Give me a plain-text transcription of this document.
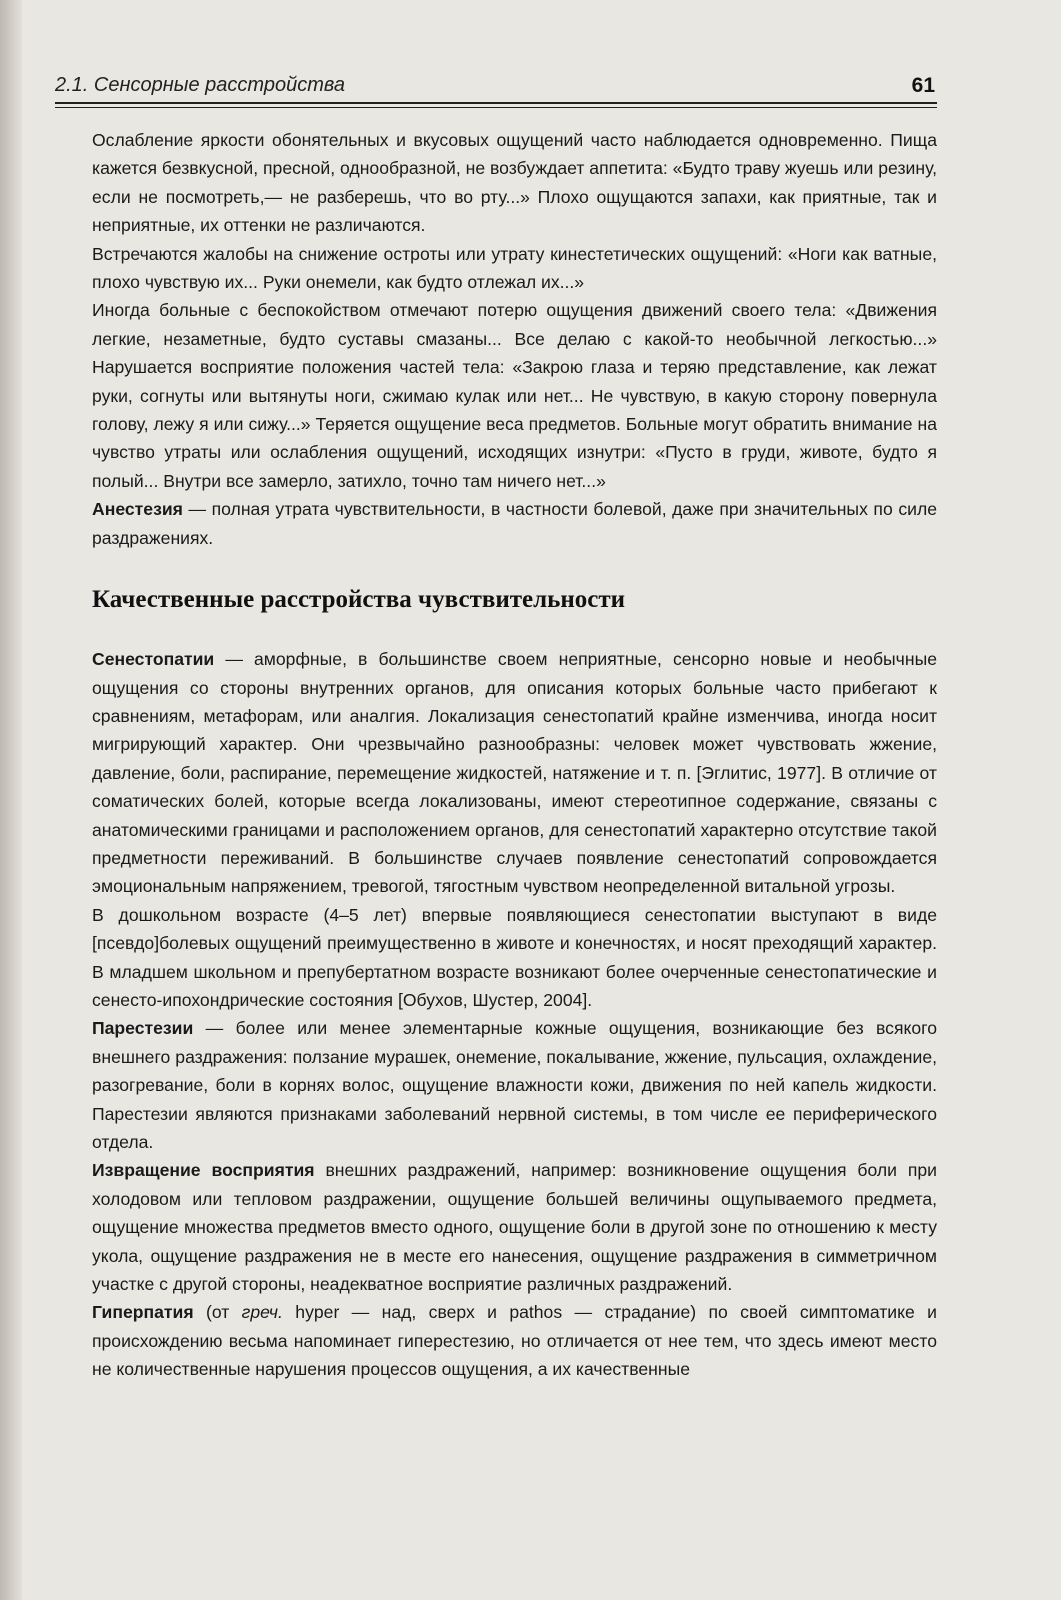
2.1. Сенсорные расстройства	61

Ослабление яркости обонятельных и вкусовых ощущений часто наблюдается одновременно. Пища кажется безвкусной, пресной, однообразной, не возбуждает аппетита: «Будто траву жуешь или резину, если не посмотреть,— не разберешь, что во рту...» Плохо ощущаются запахи, как приятные, так и неприятные, их оттенки не различаются.

Встречаются жалобы на снижение остроты или утрату кинестетических ощущений: «Ноги как ватные, плохо чувствую их... Руки онемели, как будто отлежал их...»

Иногда больные с беспокойством отмечают потерю ощущения движений своего тела: «Движения легкие, незаметные, будто суставы смазаны... Все делаю с какой-то необычной легкостью...» Нарушается восприятие положения частей тела: «Закрою глаза и теряю представление, как лежат руки, согнуты или вытянуты ноги, сжимаю кулак или нет... Не чувствую, в какую сторону повернула голову, лежу я или сижу...» Теряется ощущение веса предметов. Больные могут обратить внимание на чувство утраты или ослабления ощущений, исходящих изнутри: «Пусто в груди, животе, будто я полый... Внутри все замерло, затихло, точно там ничего нет...»

Анестезия — полная утрата чувствительности, в частности болевой, даже при значительных по силе раздражениях.

Качественные расстройства чувствительности

Сенестопатии — аморфные, в большинстве своем неприятные, сенсорно новые и необычные ощущения со стороны внутренних органов, для описания которых больные часто прибегают к сравнениям, метафорам, или аналгия. Локализация сенестопатий крайне изменчива, иногда носит мигрирующий характер. Они чрезвычайно разнообразны: человек может чувствовать жжение, давление, боли, распирание, перемещение жидкостей, натяжение и т. п. [Эглитис, 1977]. В отличие от соматических болей, которые всегда локализованы, имеют стереотипное содержание, связаны с анатомическими границами и расположением органов, для сенестопатий характерно отсутствие такой предметности переживаний. В большинстве случаев появление сенестопатий сопровождается эмоциональным напряжением, тревогой, тягостным чувством неопределенной витальной угрозы.

В дошкольном возрасте (4–5 лет) впервые появляющиеся сенестопатии выступают в виде [псевдо]болевых ощущений преимущественно в животе и конечностях, и носят преходящий характер. В младшем школьном и препубертатном возрасте возникают более очерченные сенестопатические и сенесто-ипохондрические состояния [Обухов, Шустер, 2004].

Парестезии — более или менее элементарные кожные ощущения, возникающие без всякого внешнего раздражения: ползание мурашек, онемение, покалывание, жжение, пульсация, охлаждение, разогревание, боли в корнях волос, ощущение влажности кожи, движения по ней капель жидкости. Парестезии являются признаками заболеваний нервной системы, в том числе ее периферического отдела.

Извращение восприятия внешних раздражений, например: возникновение ощущения боли при холодовом или тепловом раздражении, ощущение большей величины ощупываемого предмета, ощущение множества предметов вместо одного, ощущение боли в другой зоне по отношению к месту укола, ощущение раздражения не в месте его нанесения, ощущение раздражения в симметричном участке с другой стороны, неадекватное восприятие различных раздражений.

Гиперпатия (от греч. hyper — над, сверх и pathos — страдание) по своей симптоматике и происхождению весьма напоминает гиперестезию, но отличается от нее тем, что здесь имеют место не количественные нарушения процессов ощущения, а их качественные
